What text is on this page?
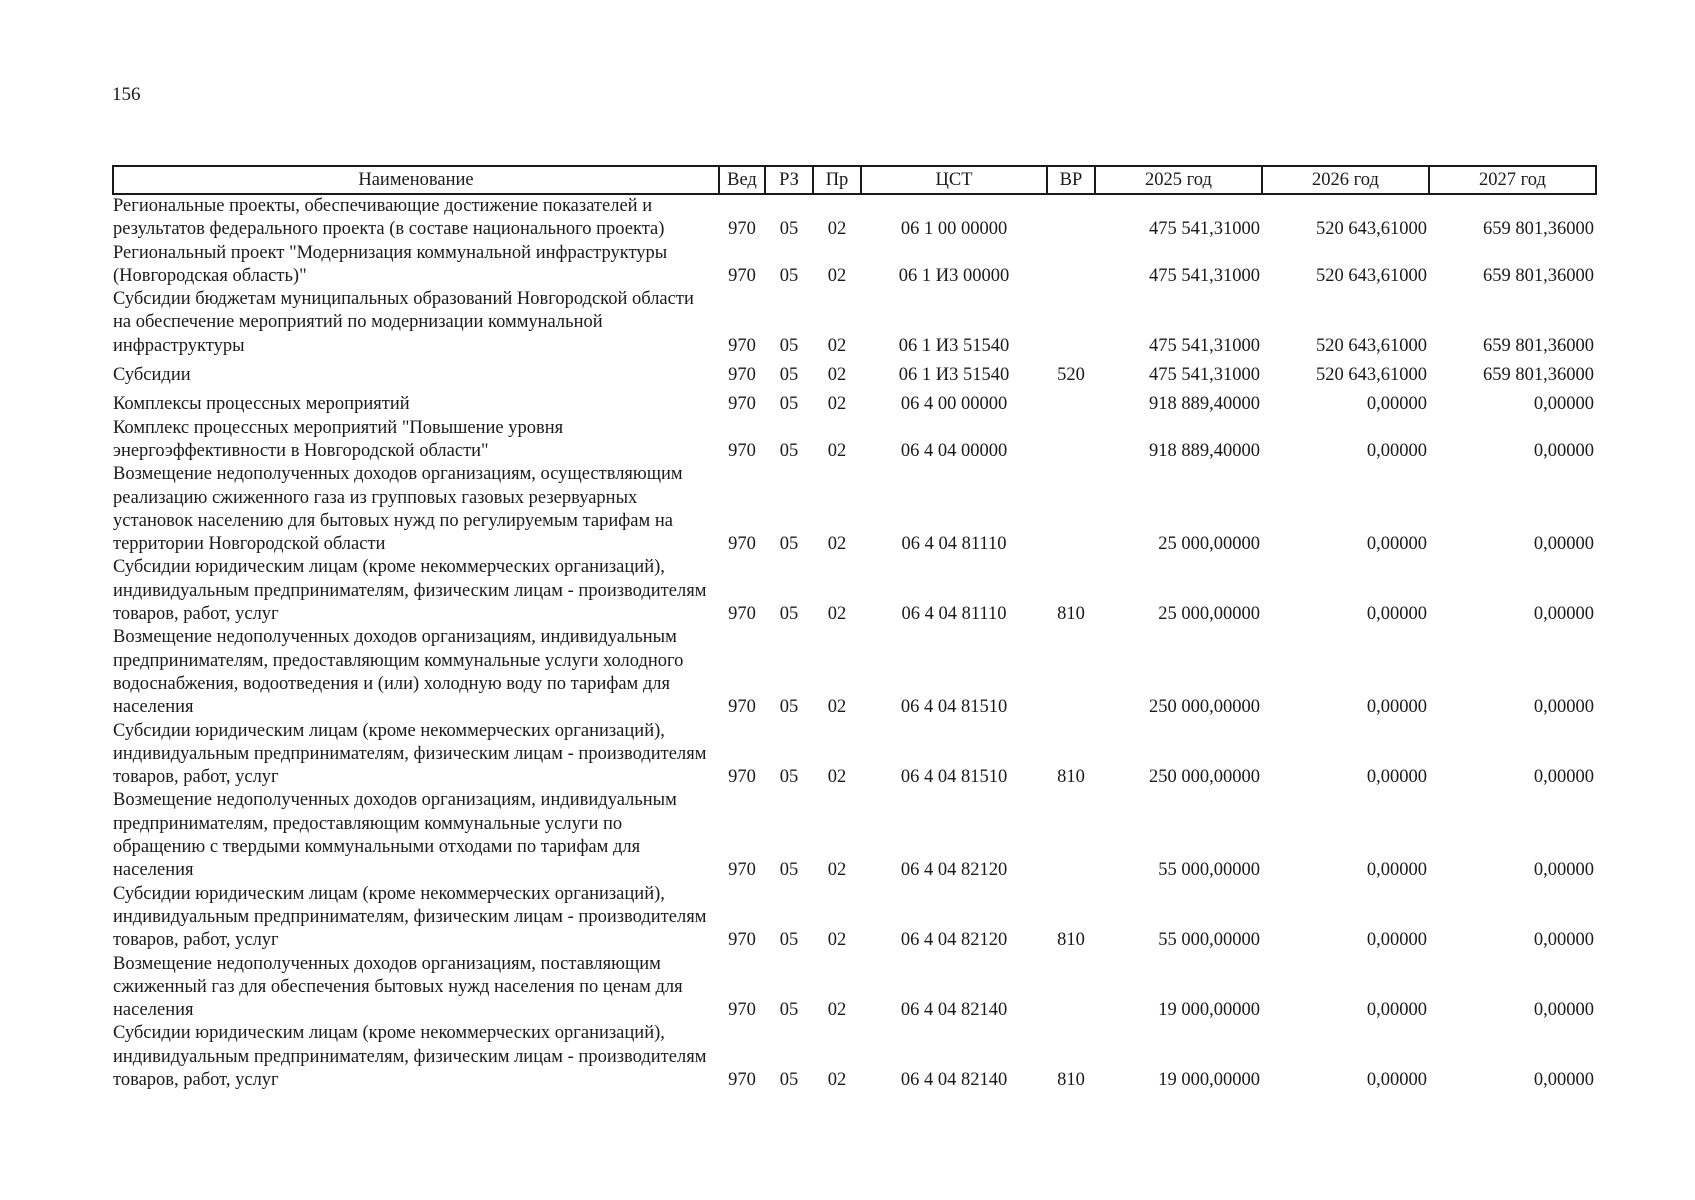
156
Наименование	Вед	РЗ	Пр	ЦСТ	ВР	2025 год	2026 год	2027 год
Региональные проекты, обеспечивающие достижение показателей и результатов федерального проекта (в составе национального проекта)	970	05	02	06 1 00 00000		475 541,31000	520 643,61000	659 801,36000
Региональный проект "Модернизация коммунальной инфраструктуры (Новгородская область)"	970	05	02	06 1 И3 00000		475 541,31000	520 643,61000	659 801,36000
Субсидии бюджетам муниципальных образований Новгородской области на обеспечение мероприятий по модернизации коммунальной инфраструктуры	970	05	02	06 1 И3 51540		475 541,31000	520 643,61000	659 801,36000
Субсидии	970	05	02	06 1 И3 51540	520	475 541,31000	520 643,61000	659 801,36000
Комплексы процессных мероприятий	970	05	02	06 4 00 00000		918 889,40000	0,00000	0,00000
Комплекс процессных мероприятий "Повышение уровня энергоэффективности в Новгородской области"	970	05	02	06 4 04 00000		918 889,40000	0,00000	0,00000
Возмещение недополученных доходов организациям, осуществляющим реализацию сжиженного газа из групповых газовых резервуарных установок населению для бытовых нужд по регулируемым тарифам на территории Новгородской области	970	05	02	06 4 04 81110		25 000,00000	0,00000	0,00000
Субсидии юридическим лицам (кроме некоммерческих организаций), индивидуальным предпринимателям, физическим лицам - производителям товаров, работ, услуг	970	05	02	06 4 04 81110	810	25 000,00000	0,00000	0,00000
Возмещение недополученных доходов организациям, индивидуальным предпринимателям, предоставляющим коммунальные услуги холодного водоснабжения, водоотведения и (или) холодную воду по тарифам для населения	970	05	02	06 4 04 81510		250 000,00000	0,00000	0,00000
Субсидии юридическим лицам (кроме некоммерческих организаций), индивидуальным предпринимателям, физическим лицам - производителям товаров, работ, услуг	970	05	02	06 4 04 81510	810	250 000,00000	0,00000	0,00000
Возмещение недополученных доходов организациям, индивидуальным предпринимателям, предоставляющим коммунальные услуги по обращению с твердыми коммунальными отходами по тарифам для населения	970	05	02	06 4 04 82120		55 000,00000	0,00000	0,00000
Субсидии юридическим лицам (кроме некоммерческих организаций), индивидуальным предпринимателям, физическим лицам - производителям товаров, работ, услуг	970	05	02	06 4 04 82120	810	55 000,00000	0,00000	0,00000
Возмещение недополученных доходов организациям, поставляющим сжиженный газ для обеспечения бытовых нужд населения по ценам для населения	970	05	02	06 4 04 82140		19 000,00000	0,00000	0,00000
Субсидии юридическим лицам (кроме некоммерческих организаций), индивидуальным предпринимателям, физическим лицам - производителям товаров, работ, услуг	970	05	02	06 4 04 82140	810	19 000,00000	0,00000	0,00000
